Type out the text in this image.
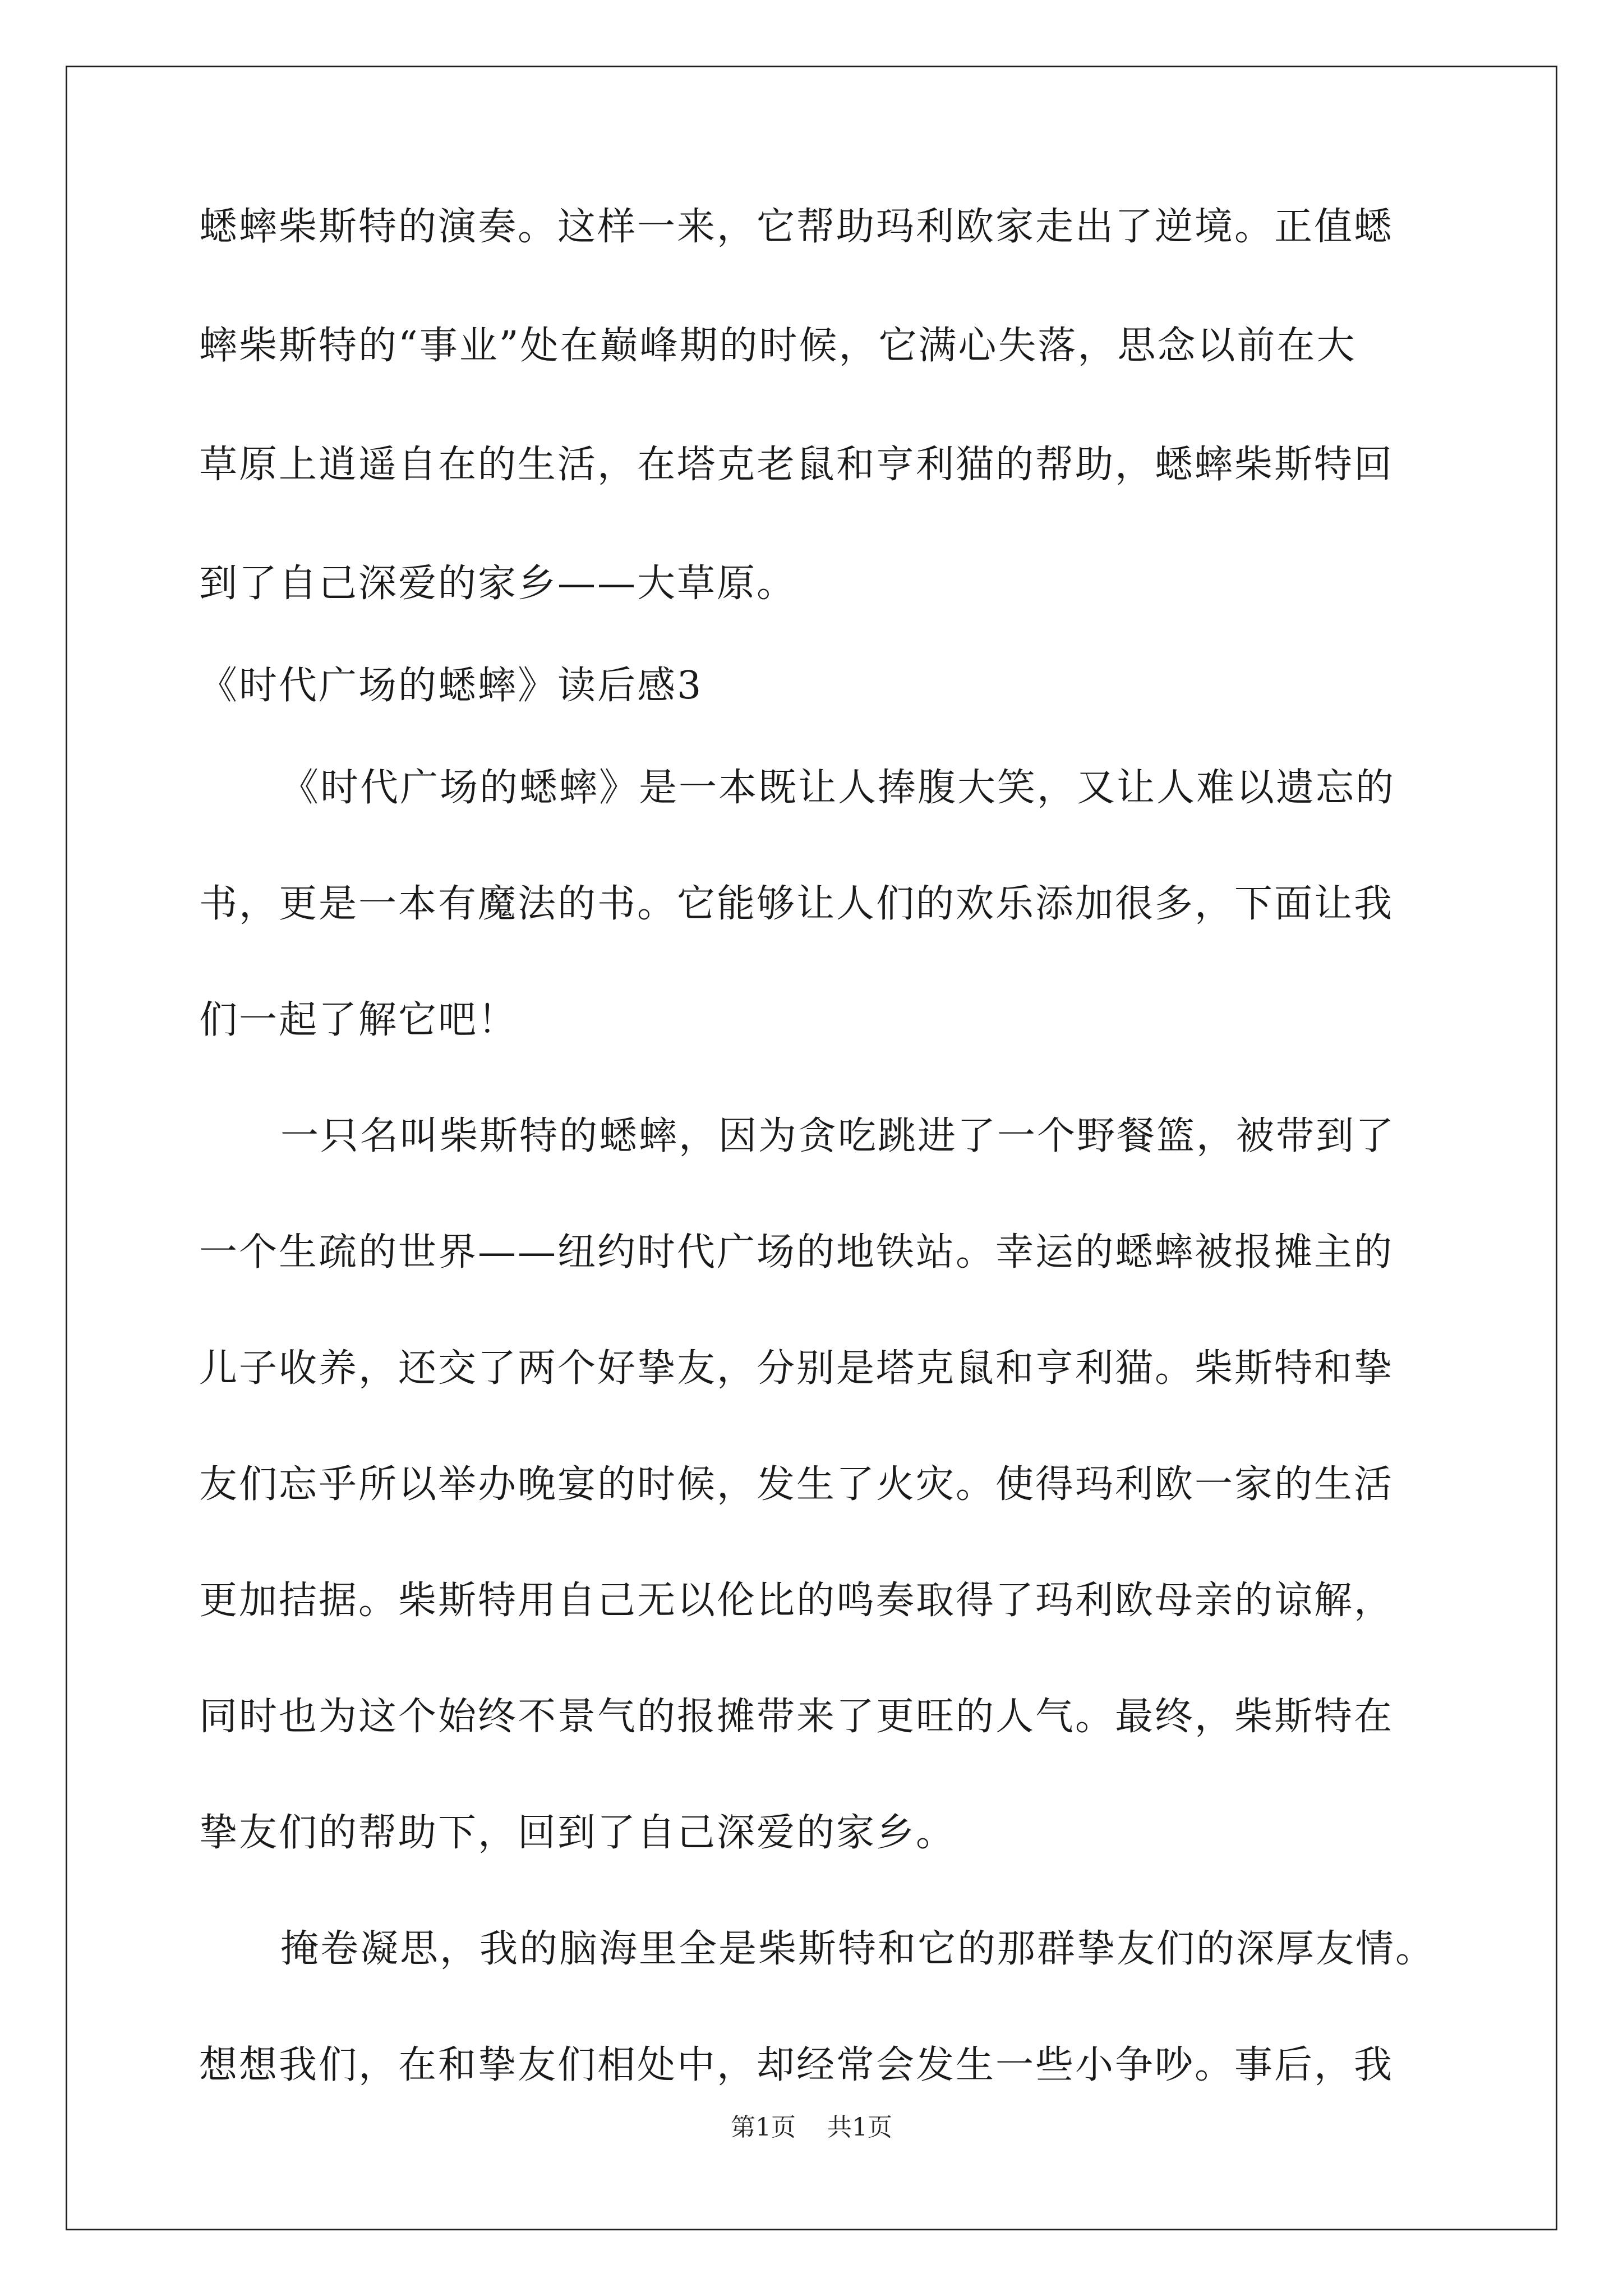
蟋蟀柴斯特的演奏。这样一来，它帮助玛利欧家走出了逆境。正值蟋
蟀柴斯特的“事业”处在巅峰期的时候，它满心失落，思念以前在大
草原上逍遥自在的生活，在塔克老鼠和亨利猫的帮助，蟋蟀柴斯特回
到了自己深爱的家乡——大草原。
《时代广场的蟋蟀》读后感3
《时代广场的蟋蟀》是一本既让人捧腹大笑，又让人难以遗忘的
书，更是一本有魔法的书。它能够让人们的欢乐添加很多，下面让我
们一起了解它吧！
一只名叫柴斯特的蟋蟀，因为贪吃跳进了一个野餐篮，被带到了
一个生疏的世界——纽约时代广场的地铁站。幸运的蟋蟀被报摊主的
儿子收养，还交了两个好挚友，分别是塔克鼠和亨利猫。柴斯特和挚
友们忘乎所以举办晚宴的时候，发生了火灾。使得玛利欧一家的生活
更加拮据。柴斯特用自己无以伦比的鸣奏取得了玛利欧母亲的谅解，
同时也为这个始终不景气的报摊带来了更旺的人气。最终，柴斯特在
挚友们的帮助下，回到了自己深爱的家乡。
掩卷凝思，我的脑海里全是柴斯特和它的那群挚友们的深厚友情。
想想我们，在和挚友们相处中，却经常会发生一些小争吵。事后，我
第1页    共1页
